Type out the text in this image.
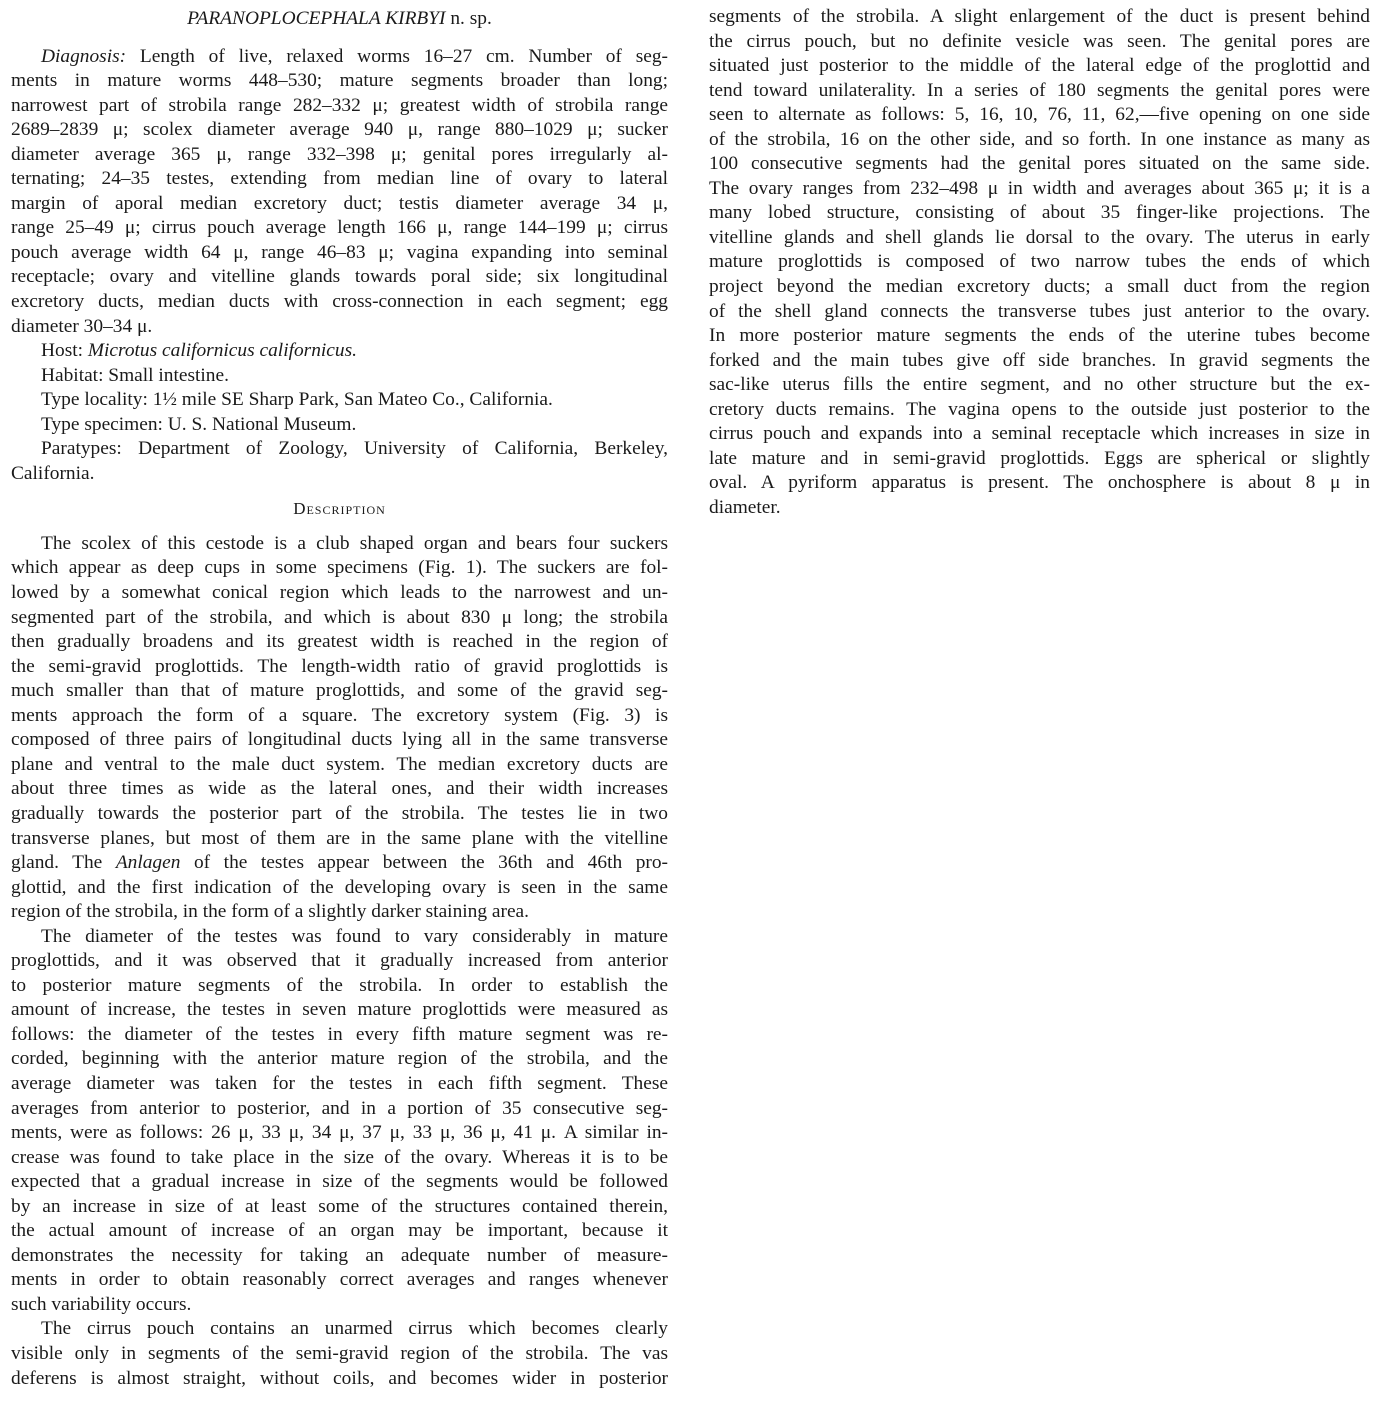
PARANOPLOCEPHALA KIRBYI n. sp.
Diagnosis: Length of live, relaxed worms 16–27 cm. Number of seg-
ments in mature worms 448–530; mature segments broader than long;
narrowest part of strobila range 282–332 μ; greatest width of strobila range
2689–2839 μ; scolex diameter average 940 μ, range 880–1029 μ; sucker
diameter average 365 μ, range 332–398 μ; genital pores irregularly al-
ternating; 24–35 testes, extending from median line of ovary to lateral
margin of aporal median excretory duct; testis diameter average 34 μ,
range 25–49 μ; cirrus pouch average length 166 μ, range 144–199 μ; cirrus
pouch average width 64 μ, range 46–83 μ; vagina expanding into seminal
receptacle; ovary and vitelline glands towards poral side; six longitudinal
excretory ducts, median ducts with cross-connection in each segment; egg
diameter 30–34 μ.
Host: Microtus californicus californicus.
Habitat: Small intestine.
Type locality: 1½ mile SE Sharp Park, San Mateo Co., California.
Type specimen: U. S. National Museum.
Paratypes: Department of Zoology, University of California, Berkeley,
California.
Description
The scolex of this cestode is a club shaped organ and bears four suckers
which appear as deep cups in some specimens (Fig. 1). The suckers are fol-
lowed by a somewhat conical region which leads to the narrowest and un-
segmented part of the strobila, and which is about 830 μ long; the strobila
then gradually broadens and its greatest width is reached in the region of
the semi-gravid proglottids. The length-width ratio of gravid proglottids is
much smaller than that of mature proglottids, and some of the gravid seg-
ments approach the form of a square. The excretory system (Fig. 3) is
composed of three pairs of longitudinal ducts lying all in the same transverse
plane and ventral to the male duct system. The median excretory ducts are
about three times as wide as the lateral ones, and their width increases
gradually towards the posterior part of the strobila. The testes lie in two
transverse planes, but most of them are in the same plane with the vitelline
gland. The Anlagen of the testes appear between the 36th and 46th pro-
glottid, and the first indication of the developing ovary is seen in the same
region of the strobila, in the form of a slightly darker staining area.
The diameter of the testes was found to vary considerably in mature
proglottids, and it was observed that it gradually increased from anterior
to posterior mature segments of the strobila. In order to establish the
amount of increase, the testes in seven mature proglottids were measured as
follows: the diameter of the testes in every fifth mature segment was re-
corded, beginning with the anterior mature region of the strobila, and the
average diameter was taken for the testes in each fifth segment. These
averages from anterior to posterior, and in a portion of 35 consecutive seg-
ments, were as follows: 26 μ, 33 μ, 34 μ, 37 μ, 33 μ, 36 μ, 41 μ. A similar in-
crease was found to take place in the size of the ovary. Whereas it is to be
expected that a gradual increase in size of the segments would be followed
by an increase in size of at least some of the structures contained therein,
the actual amount of increase of an organ may be important, because it
demonstrates the necessity for taking an adequate number of measure-
ments in order to obtain reasonably correct averages and ranges whenever
such variability occurs.
The cirrus pouch contains an unarmed cirrus which becomes clearly
visible only in segments of the semi-gravid region of the strobila. The vas
deferens is almost straight, without coils, and becomes wider in posterior
segments of the strobila. A slight enlargement of the duct is present behind
the cirrus pouch, but no definite vesicle was seen. The genital pores are
situated just posterior to the middle of the lateral edge of the proglottid and
tend toward unilaterality. In a series of 180 segments the genital pores were
seen to alternate as follows: 5, 16, 10, 76, 11, 62,—five opening on one side
of the strobila, 16 on the other side, and so forth. In one instance as many as
100 consecutive segments had the genital pores situated on the same side.
The ovary ranges from 232–498 μ in width and averages about 365 μ; it is a
many lobed structure, consisting of about 35 finger-like projections. The
vitelline glands and shell glands lie dorsal to the ovary. The uterus in early
mature proglottids is composed of two narrow tubes the ends of which
project beyond the median excretory ducts; a small duct from the region
of the shell gland connects the transverse tubes just anterior to the ovary.
In more posterior mature segments the ends of the uterine tubes become
forked and the main tubes give off side branches. In gravid segments the
sac-like uterus fills the entire segment, and no other structure but the ex-
cretory ducts remains. The vagina opens to the outside just posterior to the
cirrus pouch and expands into a seminal receptacle which increases in size in
late mature and in semi-gravid proglottids. Eggs are spherical or slightly
oval. A pyriform apparatus is present. The onchosphere is about 8 μ in
diameter.
